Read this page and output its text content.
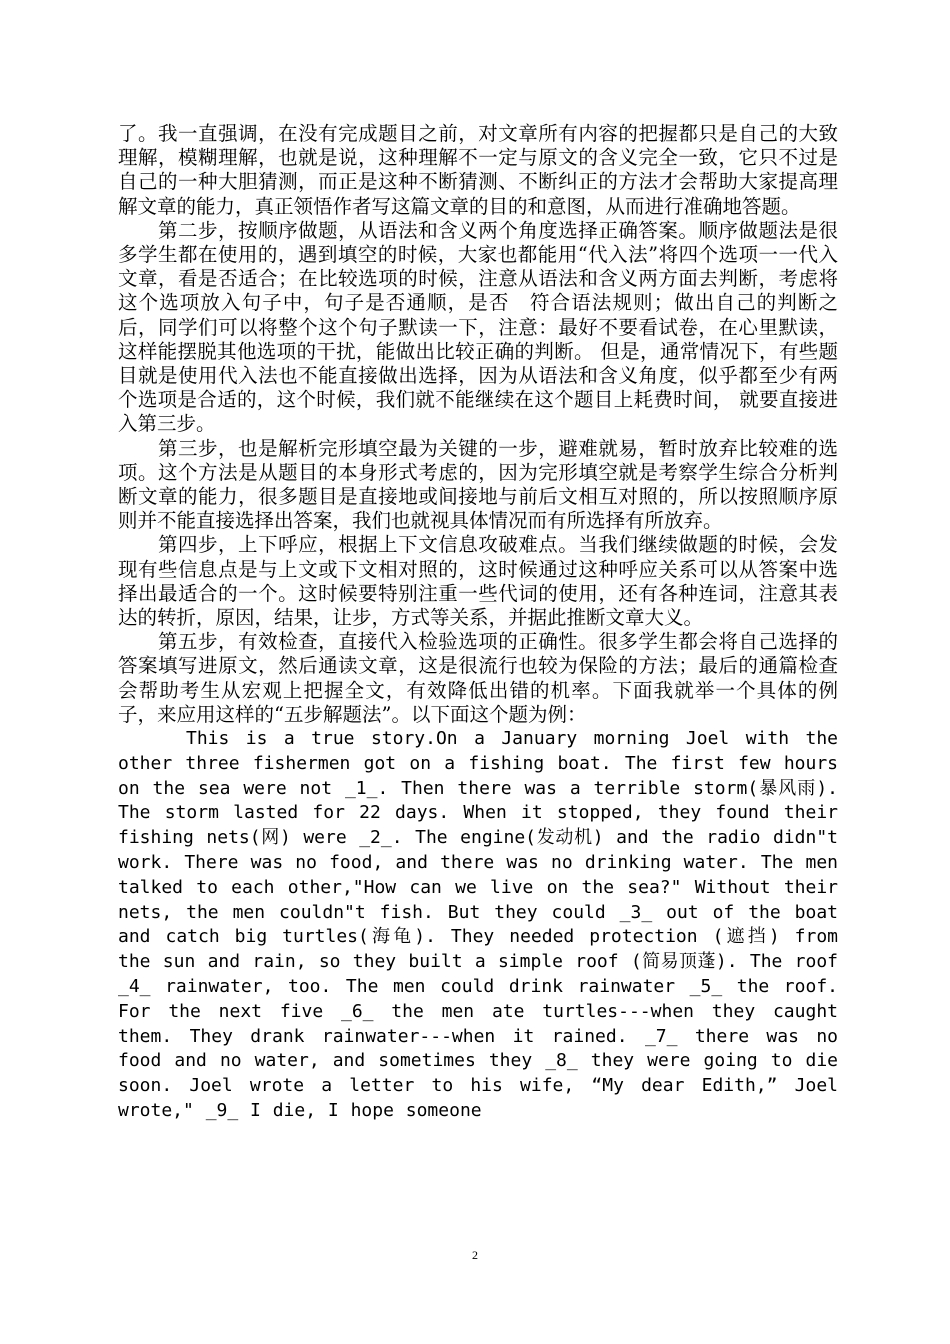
了。我一直强调，在没有完成题目之前，对文章所有内容的把握都只是自己的大致理解，模糊理解，也就是说，这种理解不一定与原文的含义完全一致，它只不过是自己的一种大胆猜测，而正是这种不断猜测、不断纠正的方法才会帮助大家提高理解文章的能力，真正领悟作者写这篇文章的目的和意图，从而进行准确地答题。

第二步，按顺序做题，从语法和含义两个角度选择正确答案。顺序做题法是很多学生都在使用的，遇到填空的时候，大家也都能用“代入法”将四个选项一一代入文章，看是否适合；在比较选项的时候，注意从语法和含义两方面去判断，考虑将这个选项放入句子中，句子是否通顺，是否　符合语法规则；做出自己的判断之后，同学们可以将整个这个句子默读一下，注意：最好不要看试卷，在心里默读，这样能摆脱其他选项的干扰，能做出比较正确的判断。 但是，通常情况下，有些题目就是使用代入法也不能直接做出选择，因为从语法和含义角度，似乎都至少有两个选项是合适的，这个时候，我们就不能继续在这个题目上耗费时间， 就要直接进入第三步。

第三步，也是解析完形填空最为关键的一步，避难就易，暂时放弃比较难的选项。这个方法是从题目的本身形式考虑的，因为完形填空就是考察学生综合分析判断文章的能力，很多题目是直接地或间接地与前后文相互对照的，所以按照顺序原则并不能直接选择出答案，我们也就视具体情况而有所选择有所放弃。

第四步，上下呼应，根据上下文信息攻破难点。当我们继续做题的时候，会发现有些信息点是与上文或下文相对照的，这时候通过这种呼应关系可以从答案中选择出最适合的一个。这时候要特别注重一些代词的使用，还有各种连词，注意其表达的转折，原因，结果，让步，方式等关系，并据此推断文章大义。

第五步，有效检查，直接代入检验选项的正确性。很多学生都会将自己选择的答案填写进原文，然后通读文章，这是很流行也较为保险的方法；最后的通篇检查会帮助考生从宏观上把握全文，有效降低出错的机率。下面我就举一个具体的例子，来应用这样的“五步解题法”。以下面这个题为例：

This is a true story.On a January morning Joel with the other three fishermen got on a fishing boat. The first few hours on the sea were not _1_. Then there was a terrible storm(暴风雨). The storm lasted for 22 days. When it stopped, they found their fishing nets(网) were _2_. The engine(发动机) and the radio didn"t work. There was no food, and there was no drinking water. The men talked to each other,"How can we live on the sea?" Without their nets, the men couldn"t fish. But they could _3_ out of the boat and catch big turtles(海龟). They needed protection (遮挡) from the sun and rain, so they built a simple roof (简易顶蓬). The roof _4_ rainwater, too. The men could drink rainwater _5_ the roof. For the next five _6_ the men ate turtles---when they caught them. They drank rainwater---when it rained. _7_ there was no food and no water, and sometimes they _8_ they were going to die soon. Joel wrote a letter to his wife, “My dear Edith,” Joel wrote," _9_ I die, I hope someone

2
